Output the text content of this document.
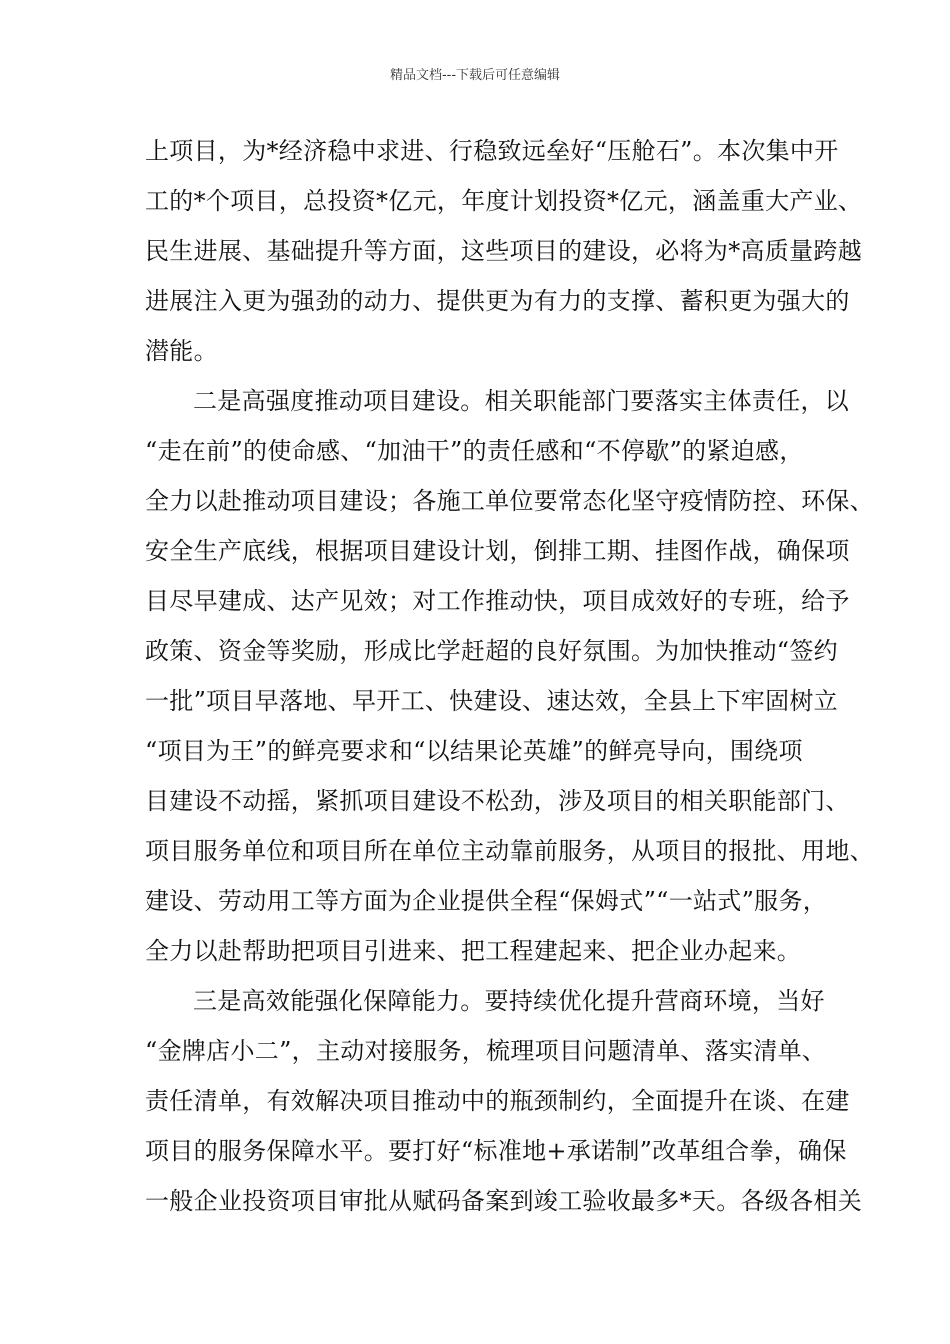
精品文档---下载后可任意编辑
上项目，为*经济稳中求进、行稳致远垒好“压舱石”。本次集中开
工的*个项目，总投资*亿元，年度计划投资*亿元，涵盖重大产业、
民生进展、基础提升等方面，这些项目的建设，必将为*高质量跨越
进展注入更为强劲的动力、提供更为有力的支撑、蓄积更为强大的
潜能。
二是高强度推动项目建设。相关职能部门要落实主体责任，以
“走在前”的使命感、“加油干”的责任感和“不停歇”的紧迫感，
全力以赴推动项目建设；各施工单位要常态化坚守疫情防控、环保、
安全生产底线，根据项目建设计划，倒排工期、挂图作战，确保项
目尽早建成、达产见效；对工作推动快，项目成效好的专班，给予
政策、资金等奖励，形成比学赶超的良好氛围。为加快推动“签约
一批”项目早落地、早开工、快建设、速达效，全县上下牢固树立
“项目为王”的鲜亮要求和“以结果论英雄”的鲜亮导向，围绕项
目建设不动摇，紧抓项目建设不松劲，涉及项目的相关职能部门、
项目服务单位和项目所在单位主动靠前服务，从项目的报批、用地、
建设、劳动用工等方面为企业提供全程“保姆式”“一站式”服务，
全力以赴帮助把项目引进来、把工程建起来、把企业办起来。
三是高效能强化保障能力。要持续优化提升营商环境，当好
“金牌店小二”，主动对接服务，梳理项目问题清单、落实清单、
责任清单，有效解决项目推动中的瓶颈制约，全面提升在谈、在建
项目的服务保障水平。要打好“标准地+承诺制”改革组合拳，确保
一般企业投资项目审批从赋码备案到竣工验收最多*天。各级各相关
